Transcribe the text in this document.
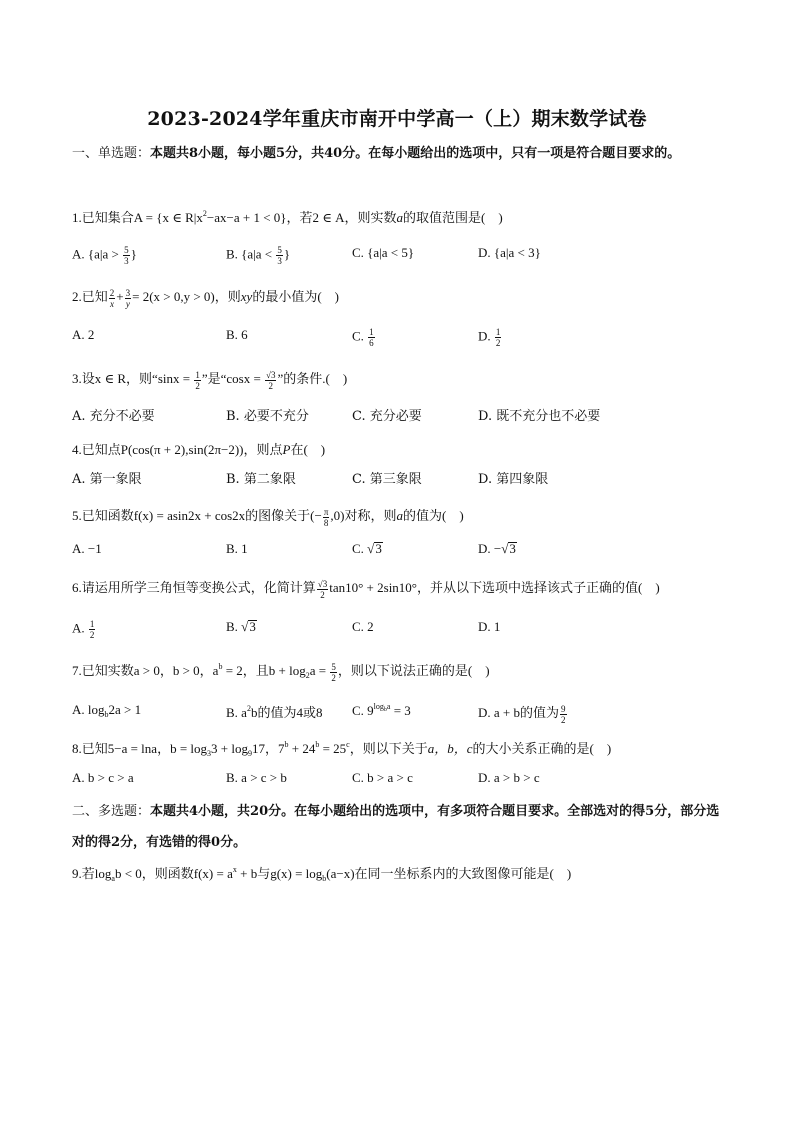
2023-2024学年重庆市南开中学高一（上）期末数学试卷
一、单选题：本题共8小题，每小题5分，共40分。在每小题给出的选项中，只有一项是符合题目要求的。
1.已知集合A = {x ∈ $R|x^2-ax-a + 1 < 0$}，若2 ∈ A，则实数a的取值范围是(　)
A. {$a|a > \frac{5}{3}$ }	B. {$a|a < \frac{5}{3}$ }	C. {a|a < 5}	D. {a|a < 3}
2.已知 $\frac{2}{x} + \frac{3}{y} = 2(x > 0,y > 0)$，则xy的最小值为(　)
A. 2	B. 6	C. $\frac{1}{6}$	D. $\frac{1}{2}$
3.设x ∈ R，则“$\sin x = \frac{1}{2}$ ”是“$\cos x = \frac{√3}{2}$ ”的条件.(　)
A. 充分不必要	B. 必要不充分	C. 充分必要	D. 既不充分也不必要
4.已知点P(cos(π + 2),sin(2π−2))，则点P在(　)
A. 第一象限	B. 第二象限	C. 第三象限	D. 第四象限
5.已知函数f(x) = asin2x + cos2x的图像关于(− $\frac{\pi}{8} ,0$)对称，则a的值为(　)
A. −1	B. 1	C. √3	D. −√3
6.请运用所学三角恒等变换公式，化简计算 $\frac{√3}{2} \tan 10^\circ + 2\sin 10^\circ$，并从以下选项中选择该式子正确的值(　)
A. $\frac{1}{2}$	B. √3	C. 2	D. 1
7.已知实数a > 0，b > 0，$a^b = 2$，且$b + \log_2a = \frac{5}{2}$ ，则以下说法正确的是(　)
A. $\log_b2a > 1$	B. $a^2b$的值为4或8 C. $9^{logba} = 3$	D. a + b的值为 $\frac{9}{2}$
8.已知5−a = lna，$b = \log_33 + \log_917$，$7^b + 24^b = 25^c$，则以下关于a，b，c的大小关系正确的是(　)
A. b > c > a	B. a > c > b	C. b > a > c	D. a > b > c
二、多选题：本题共4小题，共20分。在每小题给出的选项中，有多项符合题目要求。全部选对的得5分，部分选对的得2分，有选错的得0分。
9.若$\log_ab < 0$，则函数$f(x) = a^x + b$与$g(x) = \log_b(a-x)$在同一坐标系内的大致图像可能是(　)
